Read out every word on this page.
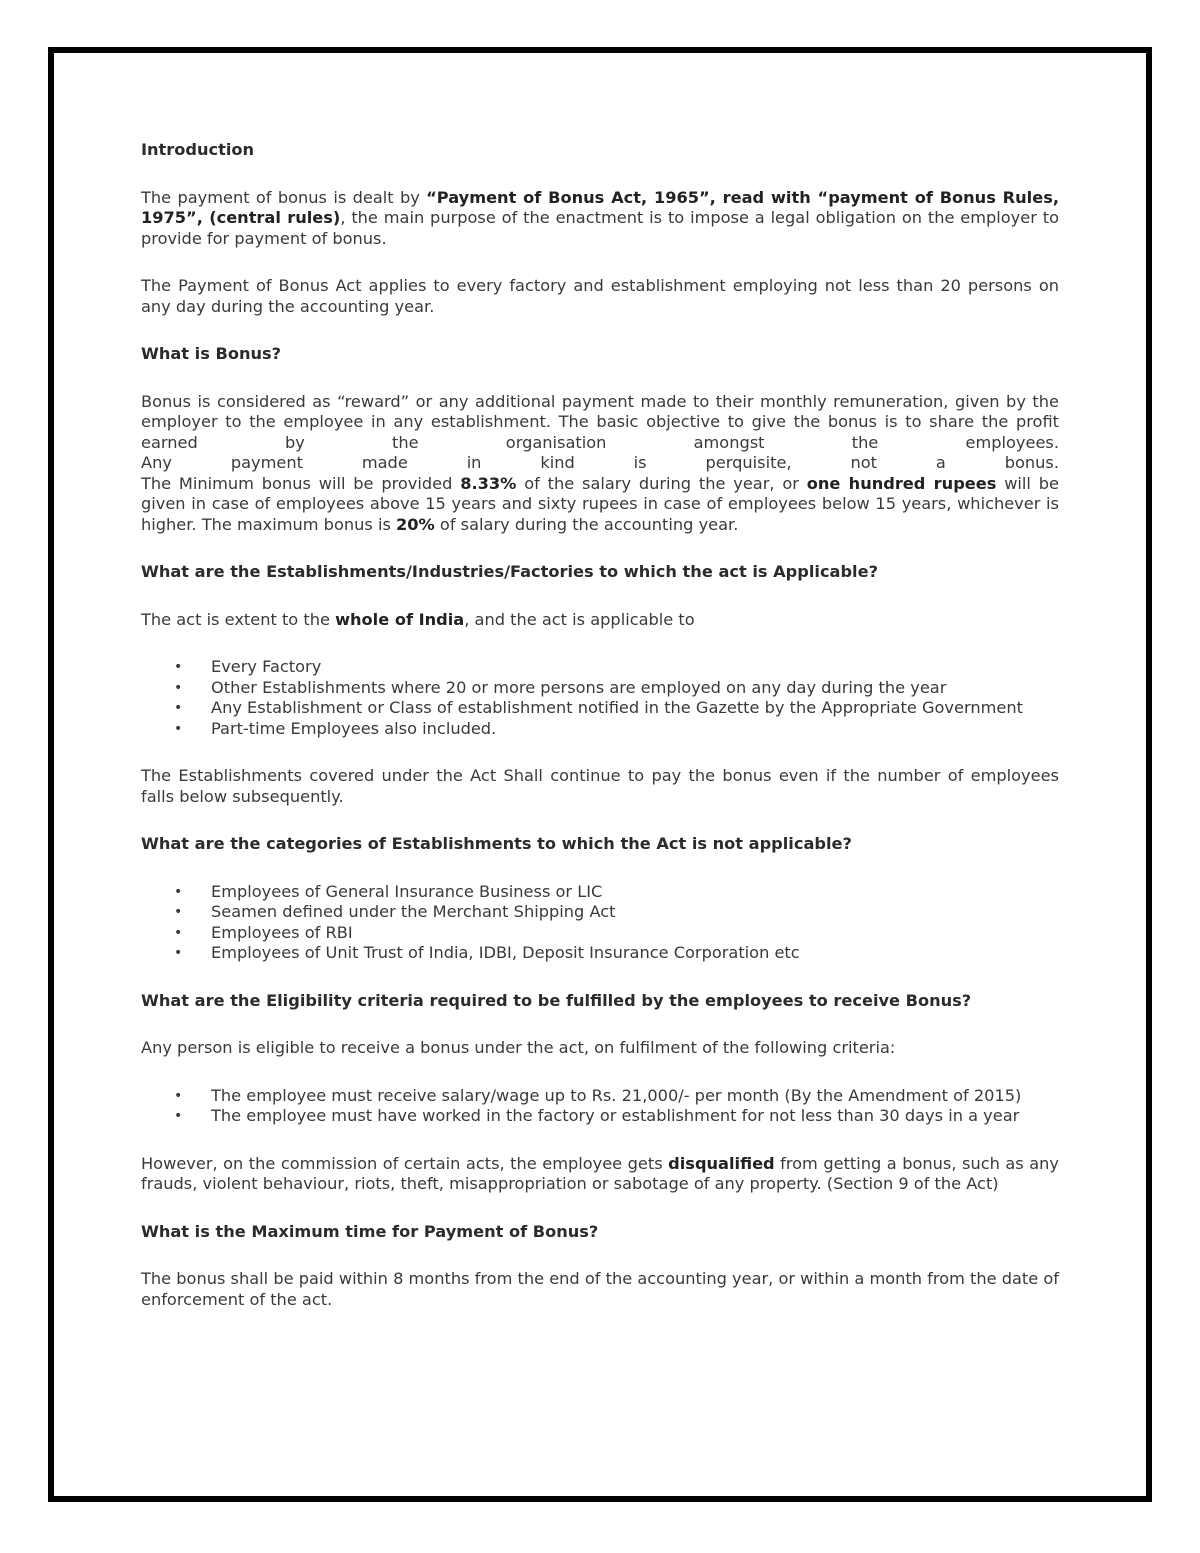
Introduction

The payment of bonus is dealt by “Payment of Bonus Act, 1965”, read with “payment of Bonus Rules, 1975”, (central rules), the main purpose of the enactment is to impose a legal obligation on the employer to provide for payment of bonus.

The Payment of Bonus Act applies to every factory and establishment employing not less than 20 persons on any day during the accounting year.

What is Bonus?

Bonus is considered as “reward” or any additional payment made to their monthly remuneration, given by the employer to the employee in any establishment. The basic objective to give the bonus is to share the profit earned by the organisation amongst the employees.

Any payment made in kind is perquisite, not a bonus.

The Minimum bonus will be provided 8.33% of the salary during the year, or one hundred rupees will be given in case of employees above 15 years and sixty rupees in case of employees below 15 years, whichever is higher. The maximum bonus is 20% of salary during the accounting year.

What are the Establishments/Industries/Factories to which the act is Applicable?

The act is extent to the whole of India, and the act is applicable to

• Every Factory
• Other Establishments where 20 or more persons are employed on any day during the year
• Any Establishment or Class of establishment notified in the Gazette by the Appropriate Government
• Part-time Employees also included.

The Establishments covered under the Act Shall continue to pay the bonus even if the number of employees falls below subsequently.

What are the categories of Establishments to which the Act is not applicable?
• Employees of General Insurance Business or LIC
• Seamen defined under the Merchant Shipping Act
• Employees of RBI
• Employees of Unit Trust of India, IDBI, Deposit Insurance Corporation etc
What are the Eligibility criteria required to be fulfilled by the employees to receive Bonus?

Any person is eligible to receive a bonus under the act, on fulfilment of the following criteria:

• The employee must receive salary/wage up to Rs. 21,000/- per month (By the Amendment of 2015)
• The employee must have worked in the factory or establishment for not less than 30 days in a year

However, on the commission of certain acts, the employee gets disqualified from getting a bonus, such as any frauds, violent behaviour, riots, theft, misappropriation or sabotage of any property. (Section 9 of the Act)

What is the Maximum time for Payment of Bonus?

The bonus shall be paid within 8 months from the end of the accounting year, or within a month from the date of enforcement of the act.
